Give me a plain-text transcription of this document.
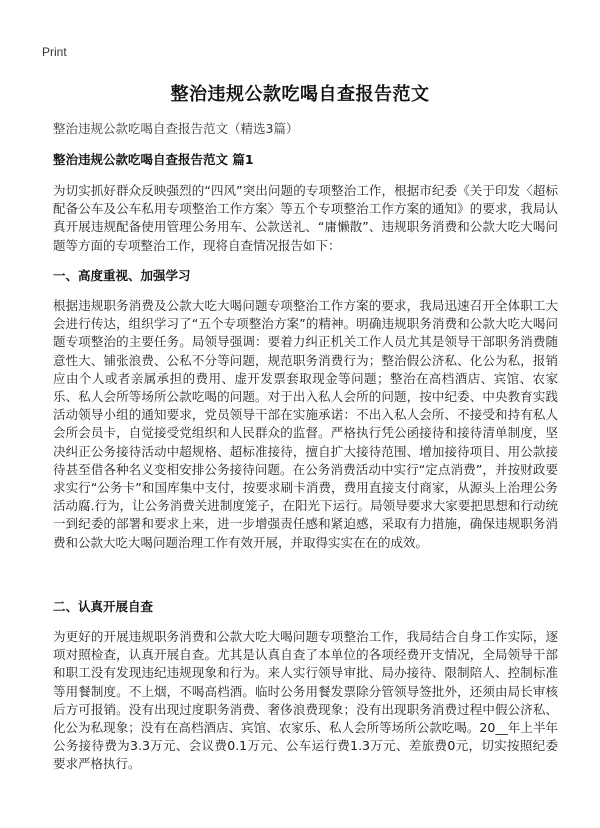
Print
整治违规公款吃喝自查报告范文
整治违规公款吃喝自查报告范文（精选3篇）
整治违规公款吃喝自查报告范文 篇1

为切实抓好群众反映强烈的“四风”突出问题的专项整治工作，根据市纪委《关于印发〈超标配备公车及公车私用专项整治工作方案〉等五个专项整治工作方案的通知》的要求，我局认真开展违规配备使用管理公务用车、公款送礼、“庸懒散”、违规职务消费和公款大吃大喝问题等方面的专项整治工作，现将自查情况报告如下：

一、高度重视、加强学习

根据违规职务消费及公款大吃大喝问题专项整治工作方案的要求，我局迅速召开全体职工大会进行传达，组织学习了“五个专项整治方案”的精神。明确违规职务消费和公款大吃大喝问题专项整治的主要任务。局领导强调：要着力纠正机关工作人员尤其是领导干部职务消费随意性大、铺张浪费、公私不分等问题，规范职务消费行为；整治假公济私、化公为私，报销应由个人或者亲属承担的费用、虚开发票套取现金等问题；整治在高档酒店、宾馆、农家乐、私人会所等场所公款吃喝的问题。对于出入私人会所的问题，按中纪委、中央教育实践活动领导小组的通知要求，党员领导干部在实施承诺：不出入私人会所、不接受和持有私人会所会员卡，自觉接受党组织和人民群众的监督。严格执行凭公函接待和接待清单制度，坚决纠正公务接待活动中超规格、超标准接待，擅自扩大接待范围、增加接待项目、用公款接待甚至借各种名义变相安排公务接待问题。在公务消费活动中实行“定点消费”，并按财政要求实行“公务卡”和国库集中支付，按要求刷卡消费，费用直接支付商家，从源头上治理公务活动腐.行为，让公务消费关进制度笼子，在阳光下运行。局领导要求大家要把思想和行动统一到纪委的部署和要求上来，进一步增强责任感和紧迫感，采取有力措施，确保违规职务消费和公款大吃大喝问题治理工作有效开展，并取得实实在在的成效。

二、认真开展自查

为更好的开展违规职务消费和公款大吃大喝问题专项整治工作，我局结合自身工作实际，逐项对照检查，认真开展自查。尤其是认真自查了本单位的各项经费开支情况，全局领导干部和职工没有发现违纪违规现象和行为。来人实行领导审批、局办接待、限制陪人、控制标准等用餐制度。不上烟，不喝高档酒。临时公务用餐发票除分管领导签批外，还须由局长审核后方可报销。没有出现过度职务消费、奢侈浪费现象；没有出现职务消费过程中假公济私、化公为私现象；没有在高档酒店、宾馆、农家乐、私人会所等场所公款吃喝。20__年上半年公务接待费为3.3万元、会议费0.1万元、公车运行费1.3万元、差旅费0元，切实按照纪委要求严格执行。
